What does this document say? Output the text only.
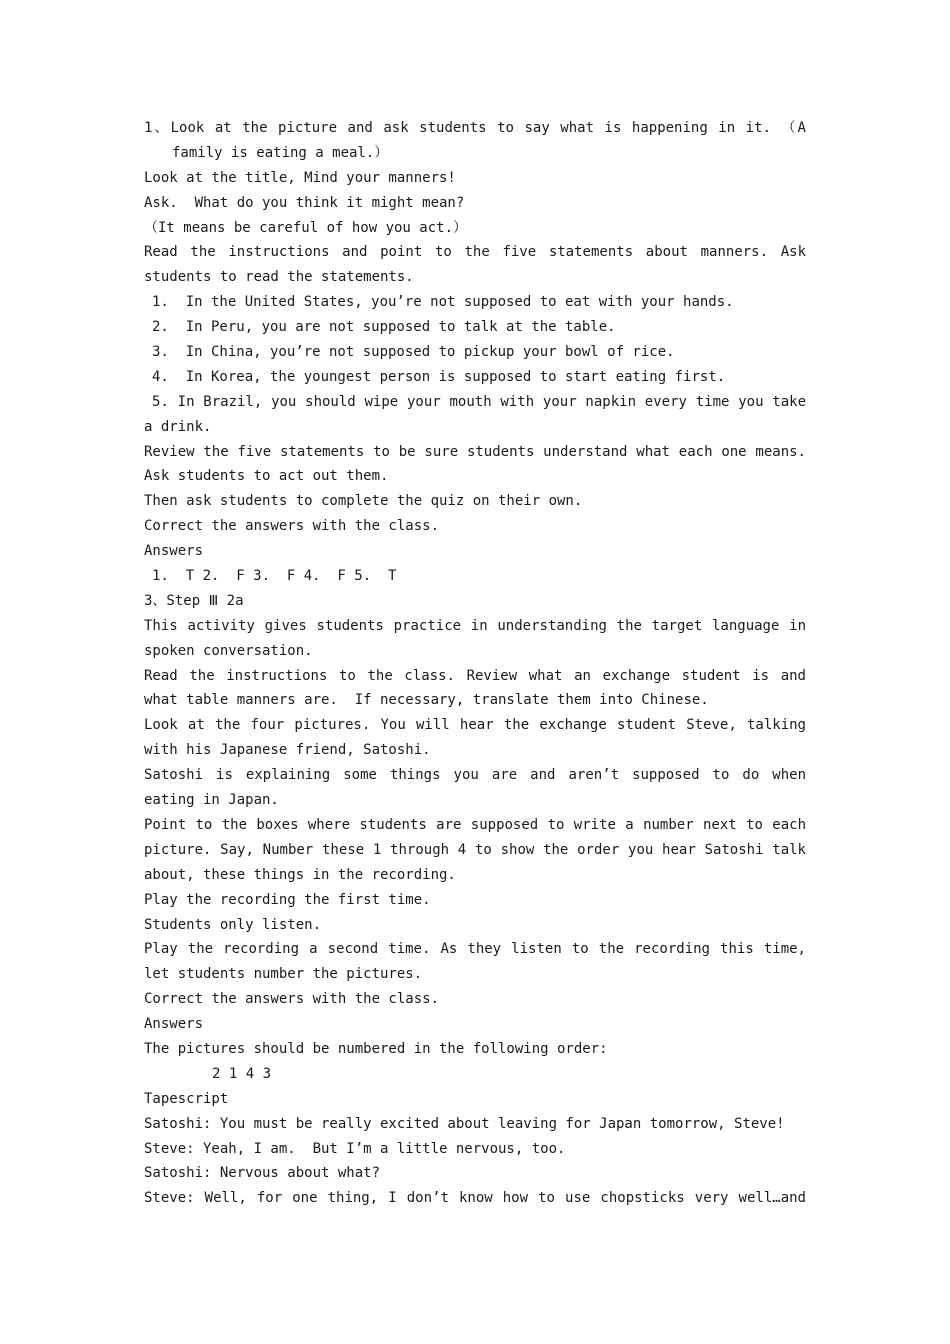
1、Look at the picture and ask students to say what is happening in it. （A
family is eating a meal.）
Look at the title, Mind your manners!
Ask.  What do you think it might mean?
（It means be careful of how you act.）
Read the instructions and point to the five statements about manners. Ask
students to read the statements.
1.  In the United States, you’re not supposed to eat with your hands.
2.  In Peru, you are not supposed to talk at the table.
3.  In China, you’re not supposed to pickup your bowl of rice.
4.  In Korea, the youngest person is supposed to start eating first.
5. In Brazil, you should wipe your mouth with your napkin every time you take
a drink.
Review the five statements to be sure students understand what each one means.
Ask students to act out them.
Then ask students to complete the quiz on their own.
Correct the answers with the class.
Answers
1.  T 2.  F 3.  F 4.  F 5.  T
3、Step Ⅲ 2a
This activity gives students practice in understanding the target language in
spoken conversation.
Read the instructions to the class. Review what an exchange student is and
what table manners are.  If necessary, translate them into Chinese.
Look at the four pictures. You will hear the exchange student Steve, talking
with his Japanese friend, Satoshi.
Satoshi is explaining some things you are and aren’t supposed to do when
eating in Japan.
Point to the boxes where students are supposed to write a number next to each
picture. Say, Number these 1 through 4 to show the order you hear Satoshi talk
about, these things in the recording.
Play the recording the first time.
Students only listen.
Play the recording a second time. As they listen to the recording this time,
let students number the pictures.
Correct the answers with the class.
Answers
The pictures should be numbered in the following order:
2 1 4 3
Tapescript
Satoshi: You must be really excited about leaving for Japan tomorrow, Steve!
Steve: Yeah, I am.  But I’m a little nervous, too.
Satoshi: Nervous about what?
Steve: Well, for one thing, I don’t know how to use chopsticks very well…and
